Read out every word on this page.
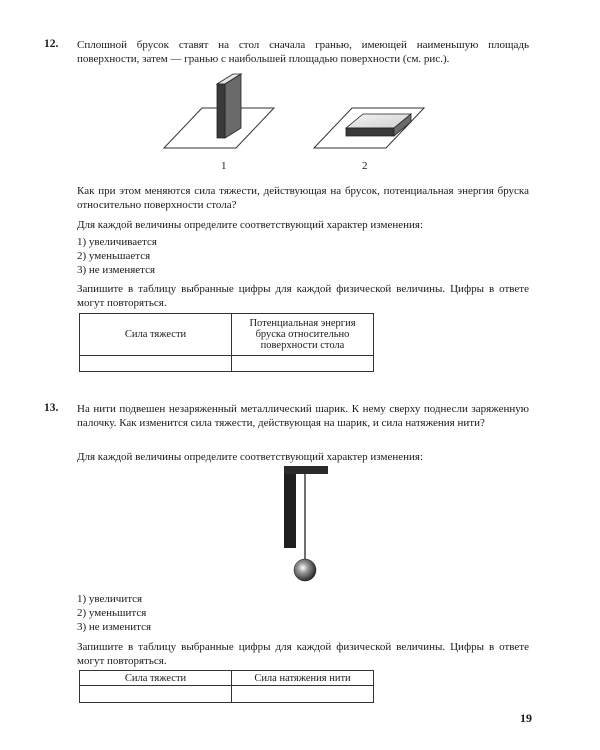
12. Сплошной брусок ставят на стол сначала гранью, имеющей наименьшую площадь поверхности, затем — гранью с наибольшей площадью поверхности (см. рис.).
1	2
Как при этом меняются сила тяжести, действующая на брусок, потенциальная энергия бруска относительно поверхности стола?
Для каждой величины определите соответствующий характер изменения:
1) увеличивается
2) уменьшается
3) не изменяется
Запишите в таблицу выбранные цифры для каждой физической величины. Цифры в ответе могут повторяться.
Сила тяжести	Потенциальная энергия бруска относительно поверхности стола

13. На нити подвешен незаряженный металлический шарик. К нему сверху поднесли заряженную палочку. Как изменится сила тяжести, действующая на шарик, и сила натяжения нити?
Для каждой величины определите соответствующий характер изменения:
1) увеличится
2) уменьшится
3) не изменится
Запишите в таблицу выбранные цифры для каждой физической величины. Цифры в ответе могут повторяться.
Сила тяжести	Сила натяжения нити

19
